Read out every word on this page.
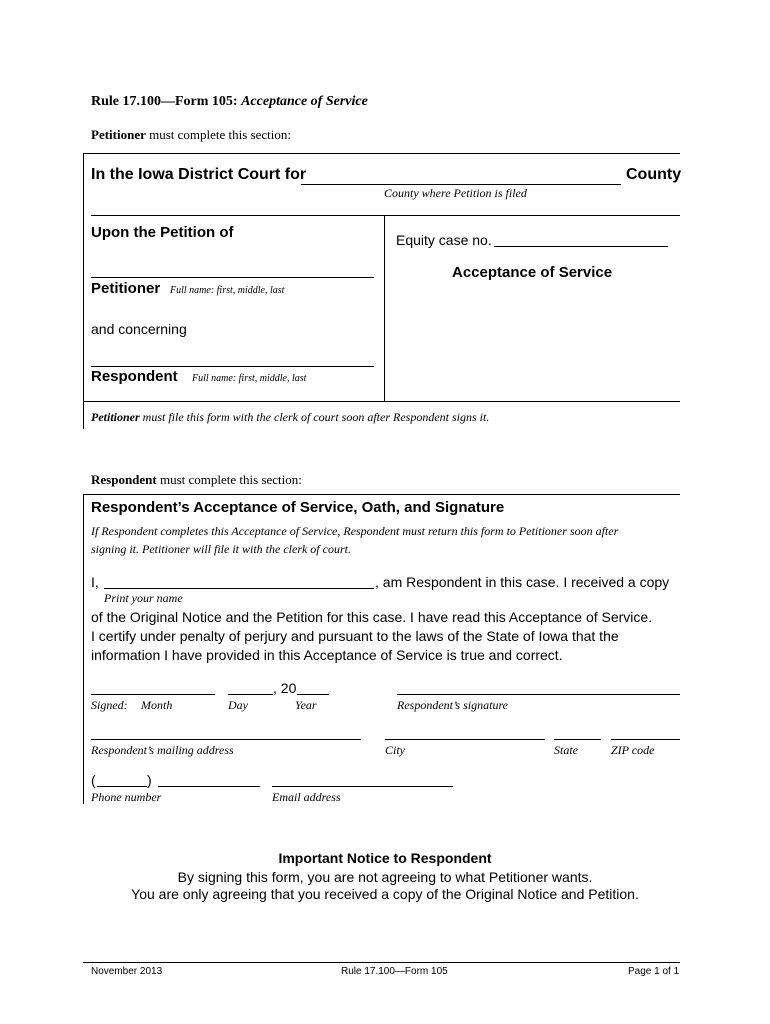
Rule 17.100—Form 105: Acceptance of Service
Petitioner must complete this section:
In the Iowa District Court for	County
County where Petition is filed
Upon the Petition of	Equity case no.
Acceptance of Service
Petitioner Full name: first, middle, last
and concerning
Respondent Full name: first, middle, last
Petitioner must file this form with the clerk of court soon after Respondent signs it.
Respondent must complete this section:
Respondent’s Acceptance of Service, Oath, and Signature
If Respondent completes this Acceptance of Service, Respondent must return this form to Petitioner soon after
signing it. Petitioner will file it with the clerk of court.
I,	, am Respondent in this case. I received a copy
Print your name
of the Original Notice and the Petition for this case. I have read this Acceptance of Service.
I certify under penalty of perjury and pursuant to the laws of the State of Iowa that the
information I have provided in this Acceptance of Service is true and correct.
, 20
Signed: Month	Day	Year	Respondent’s signature
Respondent’s mailing address	City	State	ZIP code
(	)
Phone number	Email address
Important Notice to Respondent
By signing this form, you are not agreeing to what Petitioner wants.
You are only agreeing that you received a copy of the Original Notice and Petition.
November 2013	Rule 17.100—Form 105	Page 1 of 1
